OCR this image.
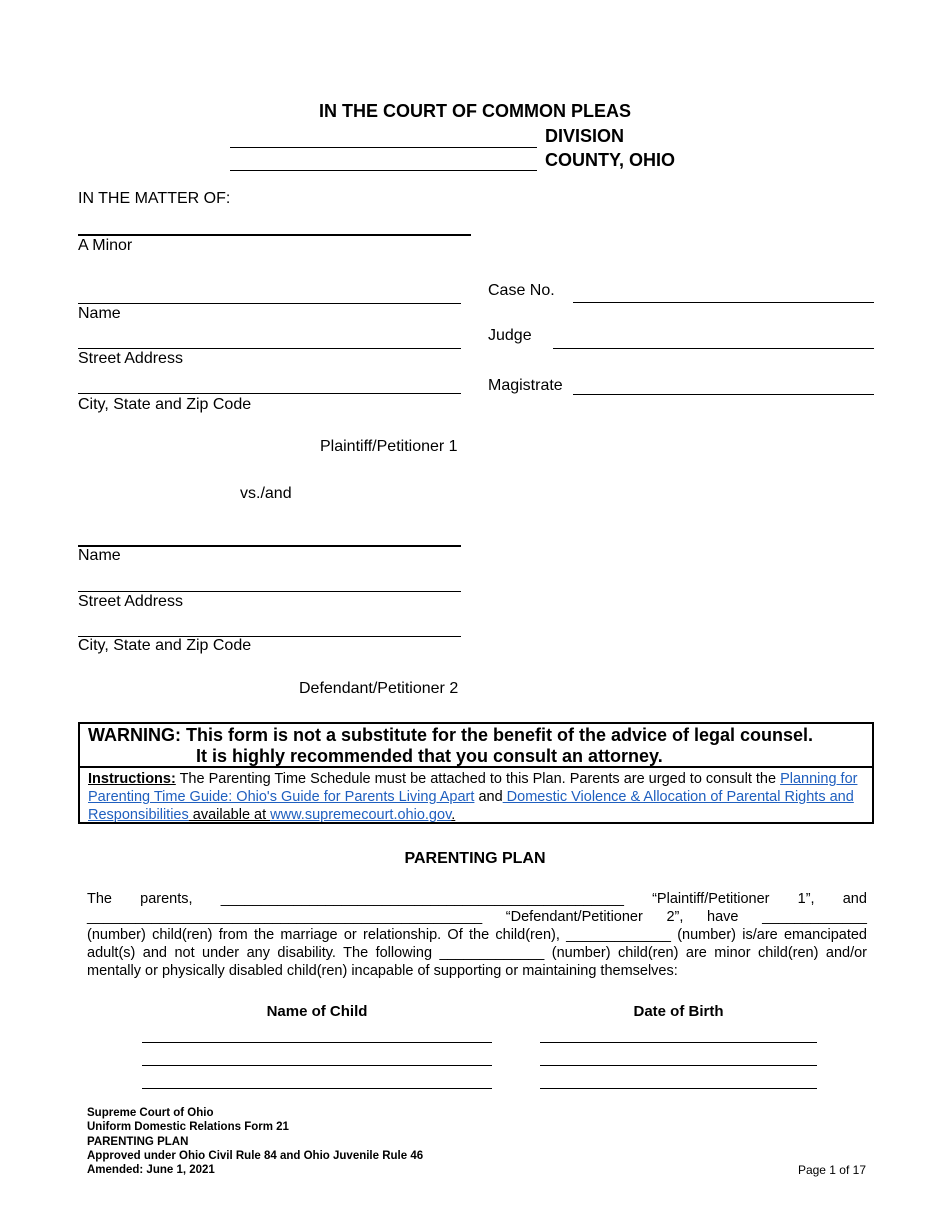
IN THE COURT OF COMMON PLEAS
DIVISION
COUNTY, OHIO
IN THE MATTER OF:
A Minor
Name
Street Address
City, State and Zip Code
Plaintiff/Petitioner 1
vs./and
Name
Street Address
City, State and Zip Code
Defendant/Petitioner 2
Case No.
Judge
Magistrate
WARNING: This form is not a substitute for the benefit of the advice of legal counsel.
It is highly recommended that you consult an attorney.
Instructions: The Parenting Time Schedule must be attached to this Plan. Parents are urged to consult the Planning for Parenting Time Guide: Ohio's Guide for Parents Living Apart and Domestic Violence & Allocation of Parental Rights and Responsibilities available at www.supremecourt.ohio.gov.
PARENTING PLAN
The parents, __________________________________________________ “Plaintiff/Petitioner 1”, and
_________________________________________________ “Defendant/Petitioner 2”, have _____________
(number) child(ren) from the marriage or relationship. Of the child(ren), _____________ (number) is/are emancipated adult(s) and not under any disability. The following _____________ (number) child(ren) are minor child(ren) and/or mentally or physically disabled child(ren) incapable of supporting or maintaining themselves:
Name of Child	Date of Birth
Supreme Court of Ohio
Uniform Domestic Relations Form 21
PARENTING PLAN
Approved under Ohio Civil Rule 84 and Ohio Juvenile Rule 46
Amended: June 1, 2021	Page 1 of 17
